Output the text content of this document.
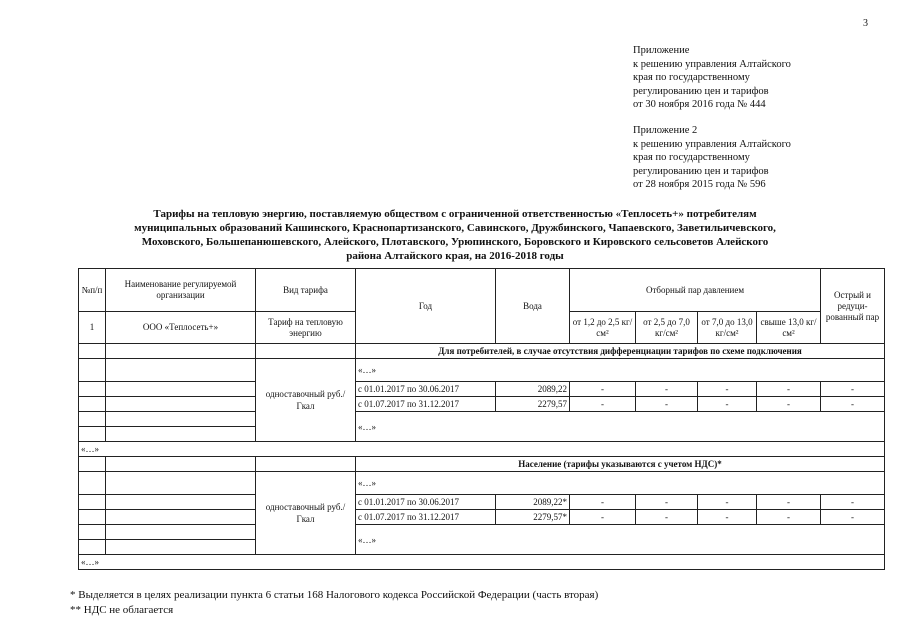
3
Приложение
к решению управления Алтайского
края по государственному
регулированию цен и тарифов
от 30 ноября 2016 года № 444
Приложение 2
к решению управления Алтайского
края по государственному
регулированию цен и тарифов
от 28 ноября 2015 года № 596
Тарифы на тепловую энергию, поставляемую обществом с ограниченной ответственностью «Теплосеть+» потребителям
муниципальных образований Кашинского, Краснопартизанского, Савинского, Дружбинского, Чапаевского, Заветильичевского,
Моховского, Большепанюшевского, Алейского, Плотавского, Урюпинского, Боровского и Кировского сельсоветов Алейского
района Алтайского края, на 2016-2018 годы
№п/п	Наименование регулируемой организации	Вид тарифа	Год	Вода	Отборный пар давлением				Острый и редуци-рованный пар
1	ООО «Теплосеть+»	Тариф на тепловую энергию			от 1,2 до 2,5 кг/см²	от 2,5 до 7,0 кг/см²	от 7,0 до 13,0 кг/см²	свыше 13,0 кг/см²	
			Для потребителей, в случае отсутствия дифференциации тарифов по схеме подключения						
		одноставочный руб./Гкал	«…»						
			с 01.01.2017 по 30.06.2017	2089,22	-	-	-	-	-
			с 01.07.2017 по 31.12.2017	2279,57	-	-	-	-	-
			«…»						

«…»									
			Население (тарифы указываются с учетом НДС)*						
		одноставочный руб./Гкал	«…»						
			с 01.01.2017 по 30.06.2017	2089,22*	-	-	-	-	-
			с 01.07.2017 по 31.12.2017	2279,57*	-	-	-	-	-
			«…»						

«…»									
* Выделяется в целях реализации пункта 6 статьи 168 Налогового кодекса Российской Федерации (часть вторая)
** НДС не облагается
